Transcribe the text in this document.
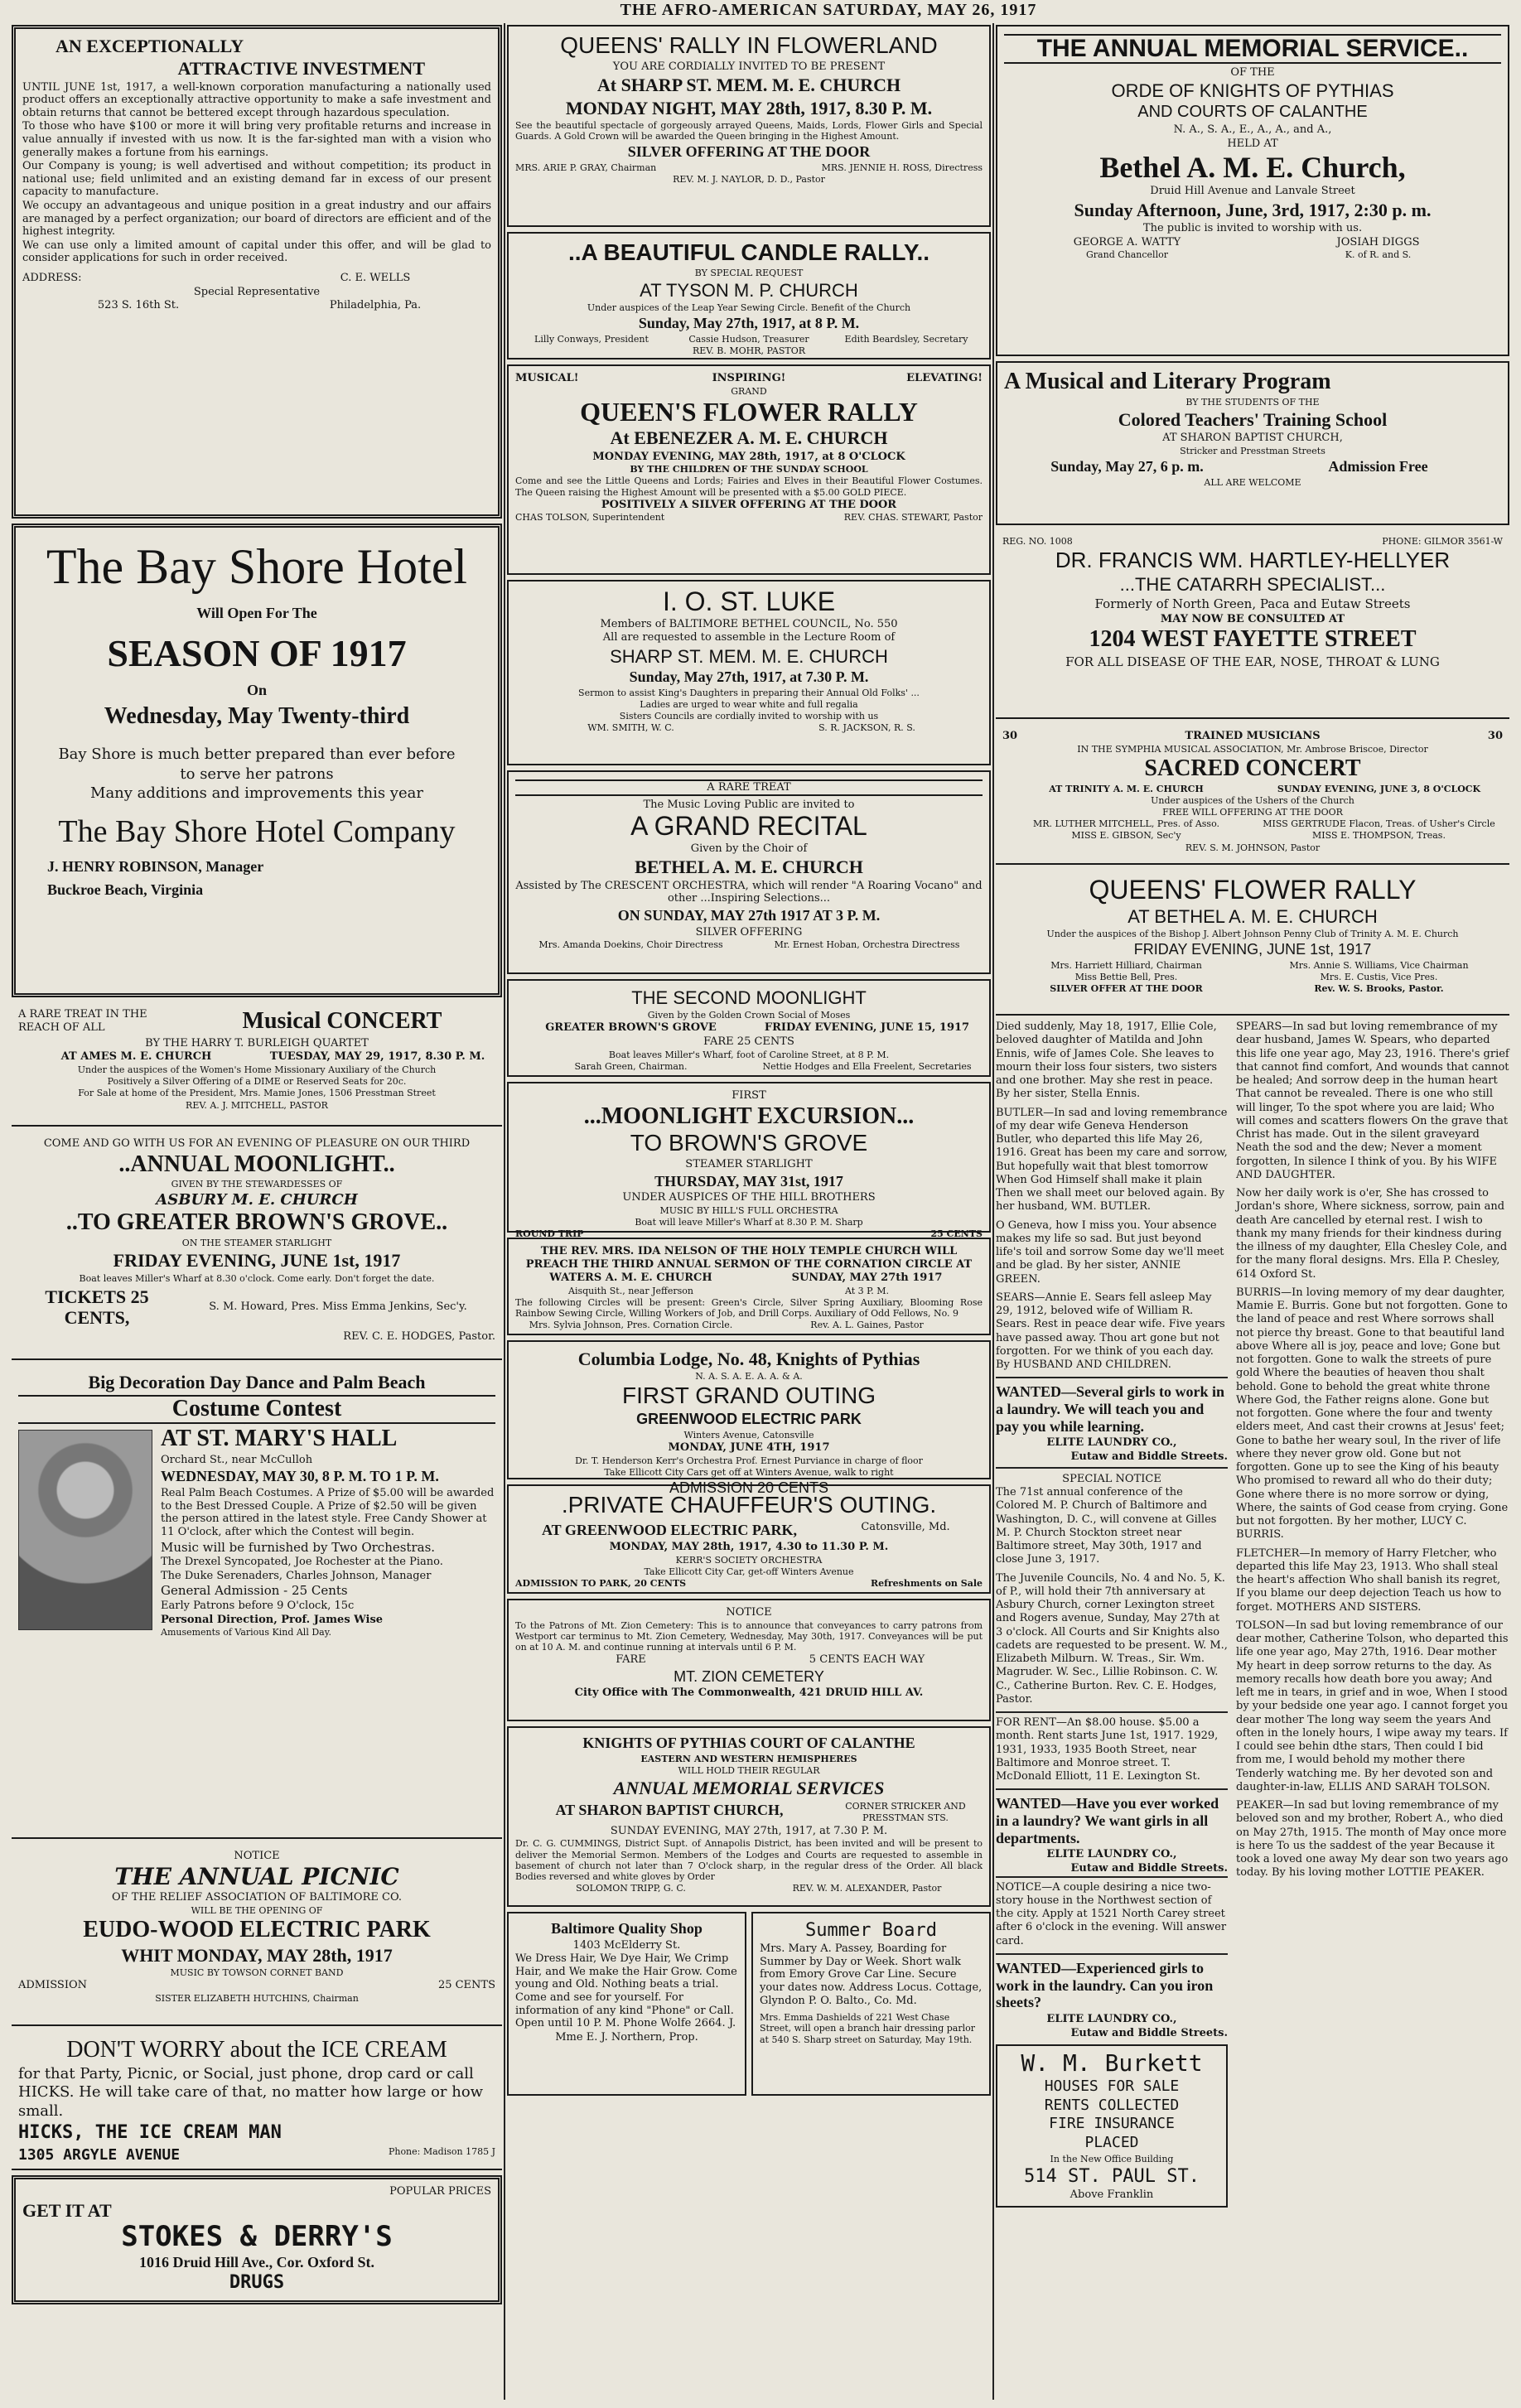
THE AFRO-AMERICAN SATURDAY, MAY 26, 1917
AN EXCEPTIONALLY
ATTRACTIVE INVESTMENT

UNTIL JUNE 1st, 1917, a well-known corporation manufacturing a nationally used product offers an exceptionally attractive opportunity to make a safe investment and obtain returns that cannot be bettered except through hazardous speculation.

To those who have $100 or more it will bring very profitable returns and increase in value annually if invested with us now. It is the far-sighted man with a vision who generally makes a fortune from his earnings.

Our Company is young; is well advertised and without competition; its product in national use; field unlimited and an existing demand far in excess of our present capacity to manufacture.

We occupy an advantageous and unique position in a great industry and our affairs are managed by a perfect organization; our board of directors are efficient and of the highest integrity.

We can use only a limited amount of capital under this offer, and will be glad to consider applications for such in order received.

ADDRESS:	C. E. WELLS
Special Representative
523 S. 16th St.	Philadelphia, Pa.
The Bay Shore Hotel
Will Open For The
SEASON OF 1917
On
Wednesday, May Twenty-third
Bay Shore is much better prepared than ever before
to serve her patrons
Many additions and improvements this year
The Bay Shore Hotel Company
J. HENRY ROBINSON, Manager
Buckroe Beach, Virginia
A RARE TREAT IN THE REACH OF ALL	Musical CONCERT
BY THE HARRY T. BURLEIGH QUARTET
AT AMES M. E. CHURCH	TUESDAY, MAY 29, 1917, 8.30 P. M.
Under the auspices of the Women's Home Missionary Auxiliary of the Church
Positively a Silver Offering of a DIME or Reserved Seats for 20c.
For Sale at home of the President, Mrs. Mamie Jones, 1506 Presstman Street
REV. A. J. MITCHELL, PASTOR
COME AND GO WITH US FOR AN EVENING OF PLEASURE ON OUR THIRD
..ANNUAL MOONLIGHT..
GIVEN BY THE STEWARDESSES OF
ASBURY M. E. CHURCH
..TO GREATER BROWN'S GROVE..
ON THE STEAMER STARLIGHT
FRIDAY EVENING, JUNE 1st, 1917
Boat leaves Miller's Wharf at 8.30 o'clock. Come early. Don't forget the date.
TICKETS 25 CENTS,
S. M. Howard, Pres. Miss Emma Jenkins, Sec'y.
REV. C. E. HODGES, Pastor.
Big Decoration Day Dance and Palm Beach
Costume Contest
AT ST. MARY'S HALL
Orchard St., near McCulloh
WEDNESDAY, MAY 30, 8 P. M. TO 1 P. M.

Real Palm Beach Costumes. A Prize of $5.00 will be awarded to the Best Dressed Couple. A Prize of $2.50 will be given the person attired in the latest style. Free Candy Shower at 11 O'clock, after which the Contest will begin.

Music will be furnished by Two Orchestras.

The Drexel Syncopated, Joe Rochester at the Piano.

The Duke Serenaders, Charles Johnson, Manager

General Admission - 25 Cents

Early Patrons before 9 O'clock, 15c

Personal Direction, Prof. James Wise

Amusements of Various Kind All Day.

NOTICE
THE ANNUAL PICNIC
OF THE RELIEF ASSOCIATION OF BALTIMORE CO.
WILL BE THE OPENING OF
EUDO-WOOD ELECTRIC PARK
WHIT MONDAY, MAY 28th, 1917
MUSIC BY TOWSON CORNET BAND
ADMISSION	25 CENTS
SISTER ELIZABETH HUTCHINS, Chairman
DON'T WORRY about the ICE CREAM
for that Party, Picnic, or Social, just phone, drop card or call HICKS. He will take care of that, no matter how large or how small.
HICKS, THE ICE CREAM MAN
1305 ARGYLE AVENUE	Phone: Madison 1785 J
POPULAR PRICES
GET IT AT
STOKES & DERRY'S
1016 Druid Hill Ave., Cor. Oxford St.
DRUGS
QUEENS' RALLY IN FLOWERLAND
YOU ARE CORDIALLY INVITED TO BE PRESENT
At SHARP ST. MEM. M. E. CHURCH
MONDAY NIGHT, MAY 28th, 1917, 8.30 P. M.
See the beautiful spectacle of gorgeously arrayed Queens, Maids, Lords, Flower Girls and Special Guards. A Gold Crown will be awarded the Queen bringing in the Highest Amount.
SILVER OFFERING AT THE DOOR
MRS. ARIE P. GRAY, Chairman	MRS. JENNIE H. ROSS, Directress
REV. M. J. NAYLOR, D. D., Pastor
..A BEAUTIFUL CANDLE RALLY..
BY SPECIAL REQUEST
AT TYSON M. P. CHURCH
Under auspices of the Leap Year Sewing Circle. Benefit of the Church
Sunday, May 27th, 1917, at 8 P. M.
Lilly Conways, President	Cassie Hudson, Treasurer	Edith Beardsley, Secretary
REV. B. MOHR, PASTOR
MUSICAL!	INSPIRING!	ELEVATING!
GRAND
QUEEN'S FLOWER RALLY
At EBENEZER A. M. E. CHURCH
MONDAY EVENING, MAY 28th, 1917, at 8 O'CLOCK
BY THE CHILDREN OF THE SUNDAY SCHOOL
Come and see the Little Queens and Lords; Fairies and Elves in their Beautiful Flower Costumes. The Queen raising the Highest Amount will be presented with a $5.00 GOLD PIECE.
POSITIVELY A SILVER OFFERING AT THE DOOR
CHAS TOLSON, Superintendent	REV. CHAS. STEWART, Pastor
I. O. ST. LUKE
Members of BALTIMORE BETHEL COUNCIL, No. 550
All are requested to assemble in the Lecture Room of
SHARP ST. MEM. M. E. CHURCH
Sunday, May 27th, 1917, at 7.30 P. M.
Sermon to assist King's Daughters in preparing their Annual Old Folks' ...
Ladies are urged to wear white and full regalia
Sisters Councils are cordially invited to worship with us
WM. SMITH, W. C.	S. R. JACKSON, R. S.
A RARE TREAT
The Music Loving Public are invited to
A GRAND RECITAL
Given by the Choir of
BETHEL A. M. E. CHURCH
Assisted by The CRESCENT ORCHESTRA, which will render "A Roaring Vocano" and other ...Inspiring Selections...
ON SUNDAY, MAY 27th 1917 AT 3 P. M.
SILVER OFFERING
Mrs. Amanda Doekins, Choir Directress	Mr. Ernest Hoban, Orchestra Directress
THE SECOND MOONLIGHT
Given by the Golden Crown Social of Moses
GREATER BROWN'S GROVE	FRIDAY EVENING, JUNE 15, 1917
FARE 25 CENTS
Boat leaves Miller's Wharf, foot of Caroline Street, at 8 P. M.
Sarah Green, Chairman.	Nettie Hodges and Ella Freelent, Secretaries
FIRST
...MOONLIGHT EXCURSION...
TO BROWN'S GROVE
STEAMER STARLIGHT
THURSDAY, MAY 31st, 1917
UNDER AUSPICES OF THE HILL BROTHERS
MUSIC BY HILL'S FULL ORCHESTRA
Boat will leave Miller's Wharf at 8.30 P. M. Sharp
ROUND TRIP	25 CENTS
THE REV. MRS. IDA NELSON OF THE HOLY TEMPLE CHURCH WILL PREACH THE THIRD ANNUAL SERMON OF THE CORNATION CIRCLE AT
WATERS A. M. E. CHURCH	SUNDAY, MAY 27th 1917
Aisquith St., near Jefferson	At 3 P. M.
The following Circles will be present: Green's Circle, Silver Spring Auxiliary, Blooming Rose Rainbow Sewing Circle, Willing Workers of Job, and Drill Corps. Auxiliary of Odd Fellows, No. 9
Mrs. Sylvia Johnson, Pres. Cornation Circle.	Rev. A. L. Gaines, Pastor
Columbia Lodge, No. 48, Knights of Pythias
N. A. S. A. E. A. A. & A.
FIRST GRAND OUTING
GREENWOOD ELECTRIC PARK
Winters Avenue, Catonsville
MONDAY, JUNE 4TH, 1917
Dr. T. Henderson Kerr's Orchestra Prof. Ernest Purviance in charge of floor
Take Ellicott City Cars get off at Winters Avenue, walk to right
ADMISSION 20 CENTS
.PRIVATE CHAUFFEUR'S OUTING.
AT GREENWOOD ELECTRIC PARK,	Catonsville, Md.
MONDAY, MAY 28th, 1917, 4.30 to 11.30 P. M.
KERR'S SOCIETY ORCHESTRA
Take Ellicott City Car, get-off Winters Avenue
ADMISSION TO PARK, 20 CENTS	Refreshments on Sale
NOTICE
To the Patrons of Mt. Zion Cemetery: This is to announce that conveyances to carry patrons from Westport car terminus to Mt. Zion Cemetery, Wednesday, May 30th, 1917. Conveyances will be put on at 10 A. M. and continue running at intervals until 6 P. M.
FARE	5 CENTS EACH WAY
MT. ZION CEMETERY
City Office with The Commonwealth, 421 DRUID HILL AV.
KNIGHTS OF PYTHIAS COURT OF CALANTHE
EASTERN AND WESTERN HEMISPHERES
WILL HOLD THEIR REGULAR
ANNUAL MEMORIAL SERVICES
AT SHARON BAPTIST CHURCH,	CORNER STRICKER AND PRESSTMAN STS.
SUNDAY EVENING, MAY 27th, 1917, at 7.30 P. M.
Dr. C. G. CUMMINGS, District Supt. of Annapolis District, has been invited and will be present to deliver the Memorial Sermon. Members of the Lodges and Courts are requested to assemble in basement of church not later than 7 O'clock sharp, in the regular dress of the Order. All black Bodies reversed and white gloves by Order
SOLOMON TRIPP, G. C.	REV. W. M. ALEXANDER, Pastor
Baltimore Quality Shop
1403 McElderry St.
We Dress Hair, We Dye Hair, We Crimp Hair, and We make the Hair Grow. Come young and Old. Nothing beats a trial. Come and see for yourself. For information of any kind "Phone" or Call. Open until 10 P. M. Phone Wolfe 2664. J.
Mme E. J. Northern, Prop.
Summer Board
Mrs. Mary A. Passey, Boarding for Summer by Day or Week. Short walk from Emory Grove Car Line. Secure your dates now. Address Locus. Cottage, Glyndon P. O. Balto., Co. Md.
Mrs. Emma Dashields of 221 West Chase Street, will open a branch hair dressing parlor at 540 S. Sharp street on Saturday, May 19th.
THE ANNUAL MEMORIAL SERVICE..
OF THE
ORDE OF KNIGHTS OF PYTHIAS
AND COURTS OF CALANTHE
N. A., S. A., E., A., A., and A.,
HELD AT
Bethel A. M. E. Church,
Druid Hill Avenue and Lanvale Street
Sunday Afternoon, June, 3rd, 1917, 2:30 p. m.
The public is invited to worship with us.
GEORGE A. WATTY	JOSIAH DIGGS
Grand Chancellor	K. of R. and S.
A Musical and Literary Program
BY THE STUDENTS OF THE
Colored Teachers' Training School
AT SHARON BAPTIST CHURCH,
Stricker and Presstman Streets
Sunday, May 27, 6 p. m.	Admission Free
ALL ARE WELCOME
REG. NO. 1008	PHONE: GILMOR 3561-W
DR. FRANCIS WM. HARTLEY-HELLYER
...THE CATARRH SPECIALIST...
Formerly of North Green, Paca and Eutaw Streets
MAY NOW BE CONSULTED AT
1204 WEST FAYETTE STREET
FOR ALL DISEASE OF THE EAR, NOSE, THROAT & LUNG
30	TRAINED MUSICIANS	30
IN THE SYMPHIA MUSICAL ASSOCIATION, Mr. Ambrose Briscoe, Director
SACRED CONCERT
AT TRINITY A. M. E. CHURCH	SUNDAY EVENING, JUNE 3, 8 O'CLOCK
Under auspices of the Ushers of the Church
FREE WILL OFFERING AT THE DOOR
MR. LUTHER MITCHELL, Pres. of Asso.	MISS GERTRUDE Flacon, Treas. of Usher's Circle
MISS E. GIBSON, Sec'y	MISS E. THOMPSON, Treas.
REV. S. M. JOHNSON, Pastor
QUEENS' FLOWER RALLY
AT BETHEL A. M. E. CHURCH
Under the auspices of the Bishop J. Albert Johnson Penny Club of Trinity A. M. E. Church
FRIDAY EVENING, JUNE 1st, 1917
Mrs. Harriett Hilliard, Chairman	Mrs. Annie S. Williams, Vice Chairman
Miss Bettie Bell, Pres.	Mrs. E. Custis, Vice Pres.
SILVER OFFER AT THE DOOR	Rev. W. S. Brooks, Pastor.

Died suddenly, May 18, 1917, Ellie Cole, beloved daughter of Matilda and John Ennis, wife of James Cole. She leaves to mourn their loss four sisters, two sisters and one brother. May she rest in peace. By her sister, Stella Ennis.

BUTLER—In sad and loving remembrance of my dear wife Geneva Henderson Butler, who departed this life May 26, 1916. Great has been my care and sorrow, But hopefully wait that blest tomorrow When God Himself shall make it plain Then we shall meet our beloved again. By her husband, WM. BUTLER.

O Geneva, how I miss you. Your absence makes my life so sad. But just beyond life's toil and sorrow Some day we'll meet and be glad. By her sister, ANNIE GREEN.

SEARS—Annie E. Sears fell asleep May 29, 1912, beloved wife of William R. Sears. Rest in peace dear wife. Five years have passed away. Thou art gone but not forgotten. For we think of you each day. By HUSBAND AND CHILDREN.

WANTED—Several girls to work in a laundry. We will teach you and pay you while learning.
ELITE LAUNDRY CO.,
Eutaw and Biddle Streets.
SPECIAL NOTICE

The 71st annual conference of the Colored M. P. Church of Baltimore and Washington, D. C., will convene at Gilles M. P. Church Stockton street near Baltimore street, May 30th, 1917 and close June 3, 1917.

The Juvenile Councils, No. 4 and No. 5, K. of P., will hold their 7th anniversary at Asbury Church, corner Lexington street and Rogers avenue, Sunday, May 27th at 3 o'clock. All Courts and Sir Knights also cadets are requested to be present. W. M., Elizabeth Milburn. W. Treas., Sir. Wm. Magruder. W. Sec., Lillie Robinson. C. W. C., Catherine Burton. Rev. C. E. Hodges, Pastor.

FOR RENT—An $8.00 house. $5.00 a month. Rent starts June 1st, 1917. 1929, 1931, 1933, 1935 Booth Street, near Baltimore and Monroe street. T. McDonald Elliott, 11 E. Lexington St.

WANTED—Have you ever worked in a laundry? We want girls in all departments.
ELITE LAUNDRY CO.,
Eutaw and Biddle Streets.

NOTICE—A couple desiring a nice two-story house in the Northwest section of the city. Apply at 1521 North Carey street after 6 o'clock in the evening. Will answer card.

WANTED—Experienced girls to work in the laundry. Can you iron sheets?
ELITE LAUNDRY CO.,
Eutaw and Biddle Streets.
W. M. Burkett
HOUSES FOR SALE
RENTS COLLECTED
FIRE INSURANCE
PLACED
In the New Office Building
514 ST. PAUL ST.
Above Franklin

SPEARS—In sad but loving remembrance of my dear husband, James W. Spears, who departed this life one year ago, May 23, 1916. There's grief that cannot find comfort, And wounds that cannot be healed; And sorrow deep in the human heart That cannot be revealed. There is one who still will linger, To the spot where you are laid; Who will comes and scatters flowers On the grave that Christ has made. Out in the silent graveyard Neath the sod and the dew; Never a moment forgotten, In silence I think of you. By his WIFE AND DAUGHTER.

Now her daily work is o'er, She has crossed to Jordan's shore, Where sickness, sorrow, pain and death Are cancelled by eternal rest. I wish to thank my many friends for their kindness during the illness of my daughter, Ella Chesley Cole, and for the many floral designs. Mrs. Ella P. Chesley, 614 Oxford St.

BURRIS—In loving memory of my dear daughter, Mamie E. Burris. Gone but not forgotten. Gone to the land of peace and rest Where sorrows shall not pierce thy breast. Gone to that beautiful land above Where all is joy, peace and love; Gone but not forgotten. Gone to walk the streets of pure gold Where the beauties of heaven thou shalt behold. Gone to behold the great white throne Where God, the Father reigns alone. Gone but not forgotten. Gone where the four and twenty elders meet, And cast their crowns at Jesus' feet; Gone to bathe her weary soul, In the river of life where they never grow old. Gone but not forgotten. Gone up to see the King of his beauty Who promised to reward all who do their duty; Gone where there is no more sorrow or dying, Where, the saints of God cease from crying. Gone but not forgotten. By her mother, LUCY C. BURRIS.

FLETCHER—In memory of Harry Fletcher, who departed this life May 23, 1913. Who shall steal the heart's affection Who shall banish its regret, If you blame our deep dejection Teach us how to forget. MOTHERS AND SISTERS.

TOLSON—In sad but loving remembrance of our dear mother, Catherine Tolson, who departed this life one year ago, May 27th, 1916. Dear mother My heart in deep sorrow returns to the day. As memory recalls how death bore you away; And left me in tears, in grief and in woe, When I stood by your bedside one year ago. I cannot forget you dear mother The long way seem the years And often in the lonely hours, I wipe away my tears. If I could see behin dthe stars, Then could I bid from me, I would behold my mother there Tenderly watching me. By her devoted son and daughter-in-law, ELLIS AND SARAH TOLSON.

PEAKER—In sad but loving remembrance of my beloved son and my brother, Robert A., who died on May 27th, 1915. The month of May once more is here To us the saddest of the year Because it took a loved one away My dear son two years ago today. By his loving mother LOTTIE PEAKER.
